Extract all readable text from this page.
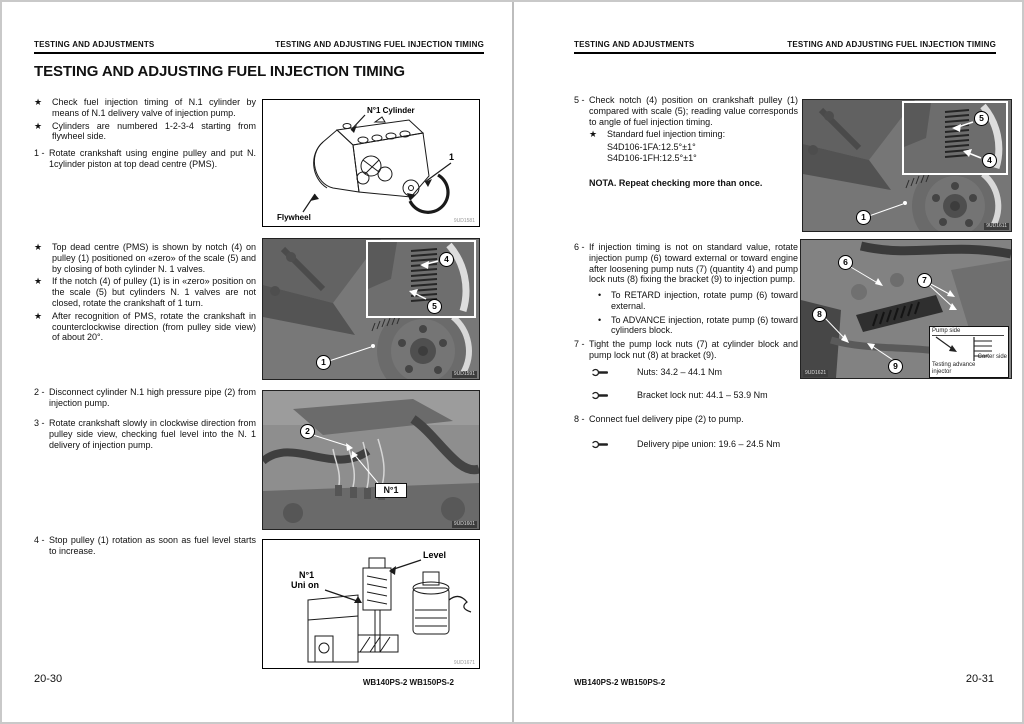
TESTING AND ADJUSTMENTS	TESTING AND ADJUSTING FUEL INJECTION TIMING
TESTING AND ADJUSTING FUEL INJECTION TIMING
★	Check fuel injection timing of N.1 cylinder by means of N.1 delivery valve of injection pump.
★	Cylinders are numbered 1-2-3-4 starting from flywheel side.
1 - Rotate crankshaft using engine pulley and put N. 1cylinder piston at top dead centre (PMS).
★	Top dead centre (PMS) is shown by notch (4) on pulley (1) positioned on «zero» of the scale (5) and by closing of both cylinder N. 1 valves.
★	If the notch (4) of pulley (1) is in «zero» position on the scale (5) but cylinders N. 1 valves are not closed, rotate the crankshaft of 1 turn.
★	After recognition of PMS, rotate the crankshaft in counterclockwise direction (from pulley side view) of about 20°.
2 - Disconnect cylinder N.1 high pressure pipe (2) from injection pump.
3 - Rotate crankshaft slowly in clockwise direction from pulley side view, checking fuel level into the N. 1 delivery of injection pump.
4 - Stop pulley (1) rotation as soon as fuel level starts to increase.
N°1 Cylinder
1
Flywheel	9UD1581
4
5
1
9UD1591
2
N°1
9UD1601
N°1
Uni on
Level
9UD1671
20-30	WB140PS-2 WB150PS-2
TESTING AND ADJUSTMENTS	TESTING AND ADJUSTING FUEL INJECTION TIMING
5 - Check notch (4) position on crankshaft pulley (1) compared with scale (5); reading value corresponds to angle of fuel injection timing.
★	Standard fuel injection timing:
S4D106-1FA:12.5°±1°
S4D106-1FH:12.5°±1°
NOTA. Repeat checking more than once.
6 - If injection timing is not on standard value, rotate injection pump (6) toward external or toward engine after loosening pump nuts (7) (quantity 4) and pump lock nuts (8) fixing the bracket (9) to injection pump.
•	To RETARD injection, rotate pump (6) toward external.
•	To ADVANCE injection, rotate pump (6) toward cylinders block.
7 - Tight the pump lock nuts (7) at cylinder block and pump lock nut (8) at bracket (9).
Nuts: 34.2 – 44.1 Nm
Bracket lock nut: 44.1 – 53.9 Nm
8 - Connect fuel delivery pipe (2) to pump.
Delivery pipe union: 19.6 – 24.5 Nm
5
4
1
9UD1611
6
7
8
9
Pump side
Carter side
Testing advance
injector
9UD1621
WB140PS-2 WB150PS-2	20-31
